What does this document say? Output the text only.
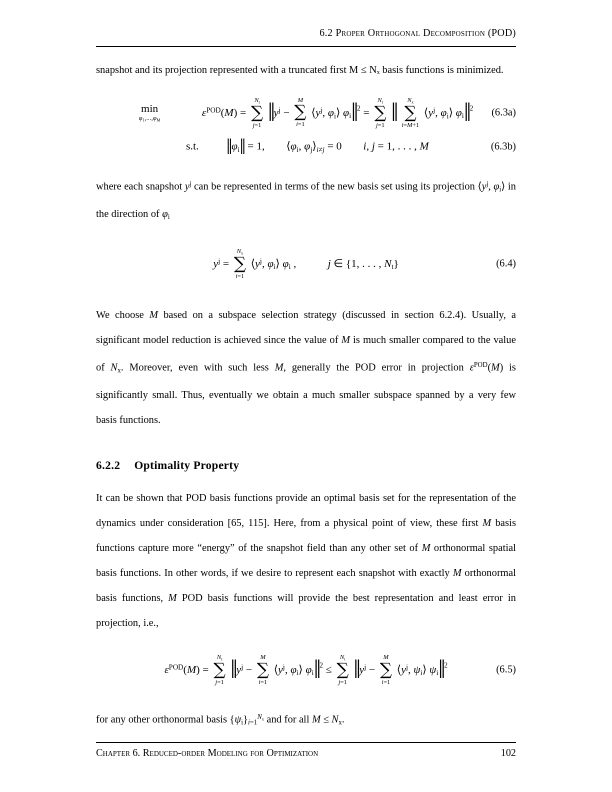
6.2 Proper Orthogonal Decomposition (POD)

snapshot and its projection represented with a truncated first M ≤ Nₓ basis functions is minimized.

min
$\varphi_1,...,\varphi_M$
$\varepsilon^{POD}(M)$ =
$N_t$
∑
j=1 $‖y^j$ −
M
∑
i=1
$⟨y^j$, $\varphi_i⟩$ $\varphi_i‖^2$ =
$N_t$
∑
j=1 ‖	$N_x$
∑
i=M+1
$⟨y^j$, $\varphi_i⟩$ $\varphi_i‖^2$ (6.3a)
s.t. $‖\varphi_i‖ = 1$,  $⟨\varphi_i$, $\varphi_j⟩_{i\ne j} = 0$  i, j = 1, . . . , M	(6.3b)

where each snapshot $y^j$ can be represented in terms of the new basis set using its projection $⟨y^j$, $\varphi_i⟩$ in the direction of $\varphi_i$

$y^j$ =
$N_x$
∑
i=1
$⟨y^j$, $\varphi_i⟩$ $\varphi_i$ ,	j ∈ {1, . . . , $N_t$}	(6.4)

We choose M based on a subspace selection strategy (discussed in section 6.2.4). Usually, a significant model reduction is achieved since the value of M is much smaller compared to the value of $N_x$. Moreover, even with such less M, generally the POD error in projection $\varepsilon^{POD}(M)$ is significantly small. Thus, eventually we obtain a much smaller subspace spanned by a very few basis functions.

6.2.2 Optimality Property

It can be shown that POD basis functions provide an optimal basis set for the representation of the dynamics under consideration [65, 115]. Here, from a physical point of view, these first M basis functions capture more “energy” of the snapshot field than any other set of M orthonormal spatial basis functions. In other words, if we desire to represent each snapshot with exactly M orthonormal basis functions, M POD basis functions will provide the best representation and least error in projection, i.e.,

$\varepsilon^{POD}(M)$ =
$N_t$
∑
j=1 $‖y^j$ −
M
∑
i=1
$⟨y^j$, $\varphi_i⟩$ $\varphi_i‖^2$ ≤
$N_t$
∑
j=1 $‖y^j$ −
M
∑
i=1
$⟨y^j$, $\psi_i⟩$ $\psi_i‖^2$	(6.5)

for any other orthonormal basis $\{\psi_i\}_{i=1}^{N_x}$ and for all $M \le N_x$.

Chapter 6. Reduced-order Modeling for Optimization	102
